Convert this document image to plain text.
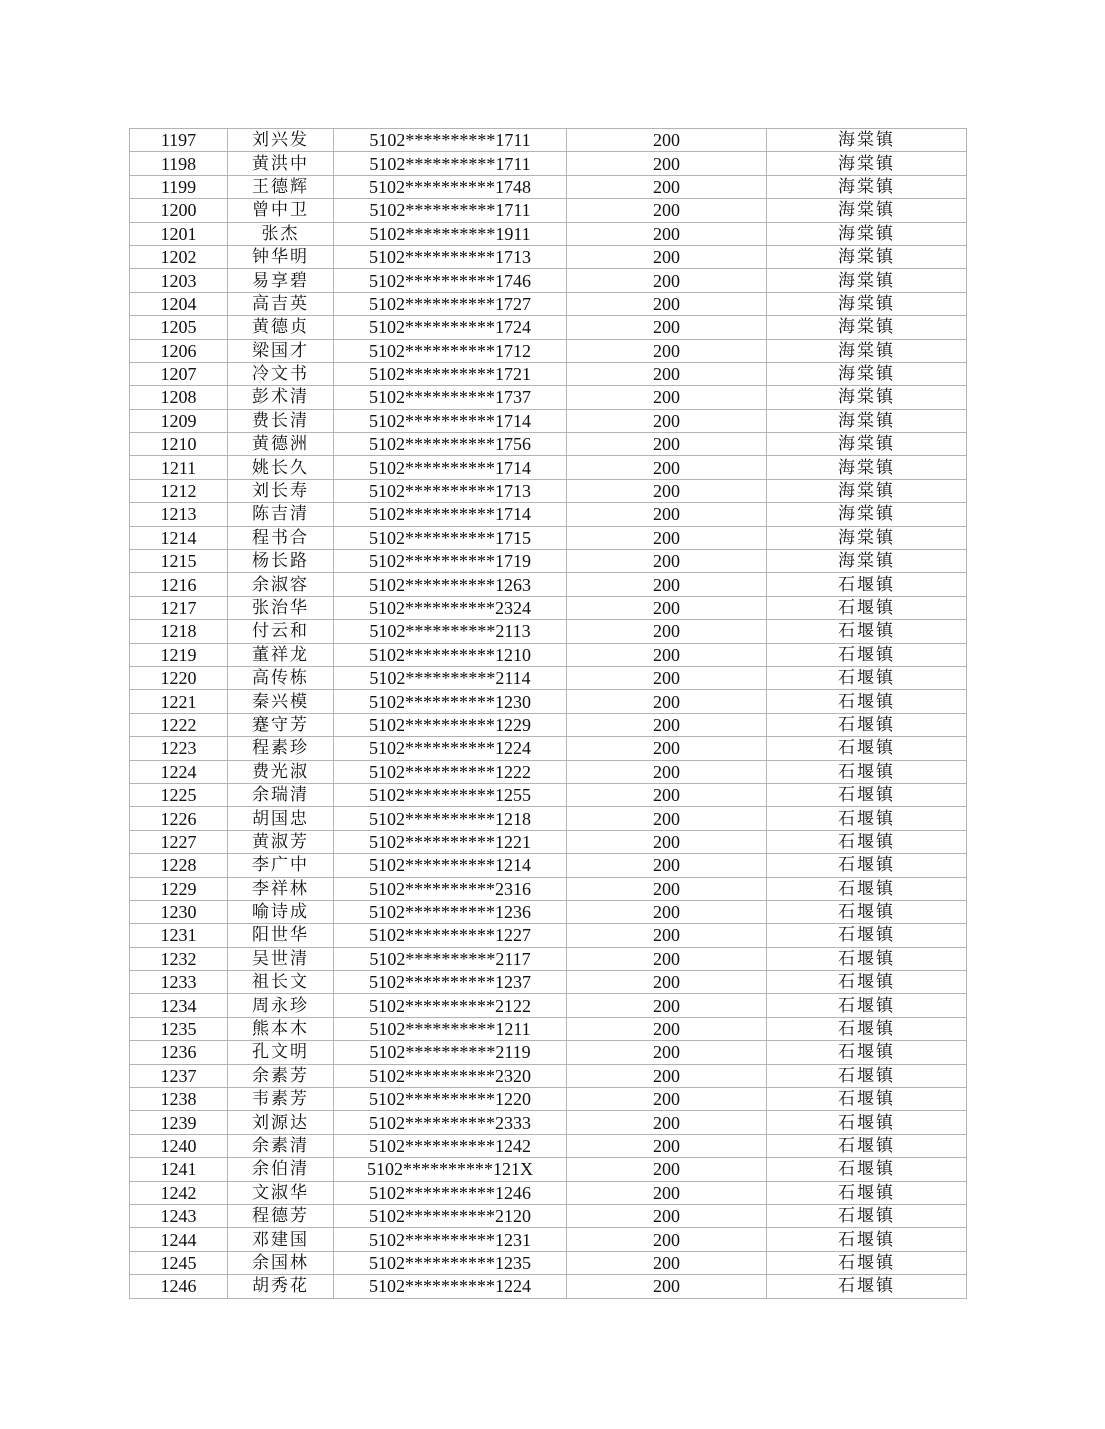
1197	刘兴发	5102**********1711	200	海棠镇
1198	黄洪中	5102**********1711	200	海棠镇
1199	王德辉	5102**********1748	200	海棠镇
1200	曾中卫	5102**********1711	200	海棠镇
1201	张杰	5102**********1911	200	海棠镇
1202	钟华明	5102**********1713	200	海棠镇
1203	易享碧	5102**********1746	200	海棠镇
1204	高吉英	5102**********1727	200	海棠镇
1205	黄德贞	5102**********1724	200	海棠镇
1206	梁国才	5102**********1712	200	海棠镇
1207	冷文书	5102**********1721	200	海棠镇
1208	彭术清	5102**********1737	200	海棠镇
1209	费长清	5102**********1714	200	海棠镇
1210	黄德洲	5102**********1756	200	海棠镇
1211	姚长久	5102**********1714	200	海棠镇
1212	刘长寿	5102**********1713	200	海棠镇
1213	陈吉清	5102**********1714	200	海棠镇
1214	程书合	5102**********1715	200	海棠镇
1215	杨长路	5102**********1719	200	海棠镇
1216	余淑容	5102**********1263	200	石堰镇
1217	张治华	5102**********2324	200	石堰镇
1218	付云和	5102**********2113	200	石堰镇
1219	董祥龙	5102**********1210	200	石堰镇
1220	高传栋	5102**********2114	200	石堰镇
1221	秦兴模	5102**********1230	200	石堰镇
1222	蹇守芳	5102**********1229	200	石堰镇
1223	程素珍	5102**********1224	200	石堰镇
1224	费光淑	5102**********1222	200	石堰镇
1225	余瑞清	5102**********1255	200	石堰镇
1226	胡国忠	5102**********1218	200	石堰镇
1227	黄淑芳	5102**********1221	200	石堰镇
1228	李广中	5102**********1214	200	石堰镇
1229	李祥林	5102**********2316	200	石堰镇
1230	喻诗成	5102**********1236	200	石堰镇
1231	阳世华	5102**********1227	200	石堰镇
1232	吴世清	5102**********2117	200	石堰镇
1233	祖长文	5102**********1237	200	石堰镇
1234	周永珍	5102**********2122	200	石堰镇
1235	熊本木	5102**********1211	200	石堰镇
1236	孔文明	5102**********2119	200	石堰镇
1237	余素芳	5102**********2320	200	石堰镇
1238	韦素芳	5102**********1220	200	石堰镇
1239	刘源达	5102**********2333	200	石堰镇
1240	余素清	5102**********1242	200	石堰镇
1241	余伯清	5102**********121X	200	石堰镇
1242	文淑华	5102**********1246	200	石堰镇
1243	程德芳	5102**********2120	200	石堰镇
1244	邓建国	5102**********1231	200	石堰镇
1245	余国林	5102**********1235	200	石堰镇
1246	胡秀花	5102**********1224	200	石堰镇
